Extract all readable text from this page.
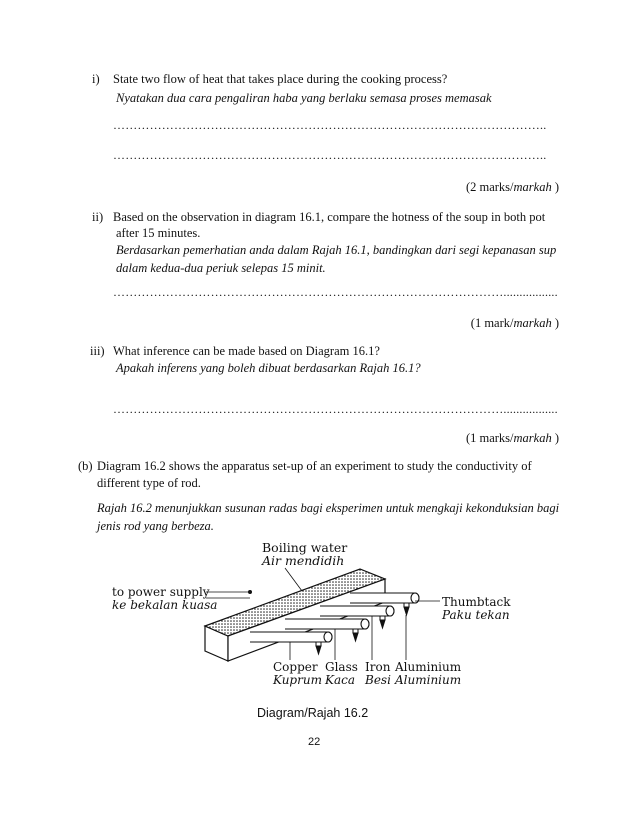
i) State two flow of heat that takes place during the cooking process?
Nyatakan dua cara pengaliran haba yang berlaku semasa proses memasak
……………………………………………………………………………………………..
……………………………………………………………………………………………..
(2 marks/markah )
ii) Based on the observation in diagram 16.1, compare the hotness of the soup in both pot
after 15 minutes.
Berdasarkan pemerhatian anda dalam Rajah 16.1, bandingkan dari segi kepanasan sup
dalam kedua-dua periuk selepas 15 minit.
…………………………………………………………………………………….................
(1 mark/markah )
iii) What inference can be made based on Diagram 16.1?
Apakah inferens yang boleh dibuat berdasarkan Rajah 16.1?
…………………………………………………………………………………….................
(1 marks/markah )
(b) Diagram 16.2 shows the apparatus set-up of an experiment to study the conductivity of
different type of rod.
Rajah 16.2 menunjukkan susunan radas bagi eksperimen untuk mengkaji kekonduksian bagi
jenis rod yang berbeza.
Boiling water
Air mendidih
to power supply
ke bekalan kuasa	Thumbtack
Paku tekan
Copper
Kuprum
Glass
Kaca
Iron
Besi
Aluminium
Aluminium
Diagram/Rajah 16.2
22
